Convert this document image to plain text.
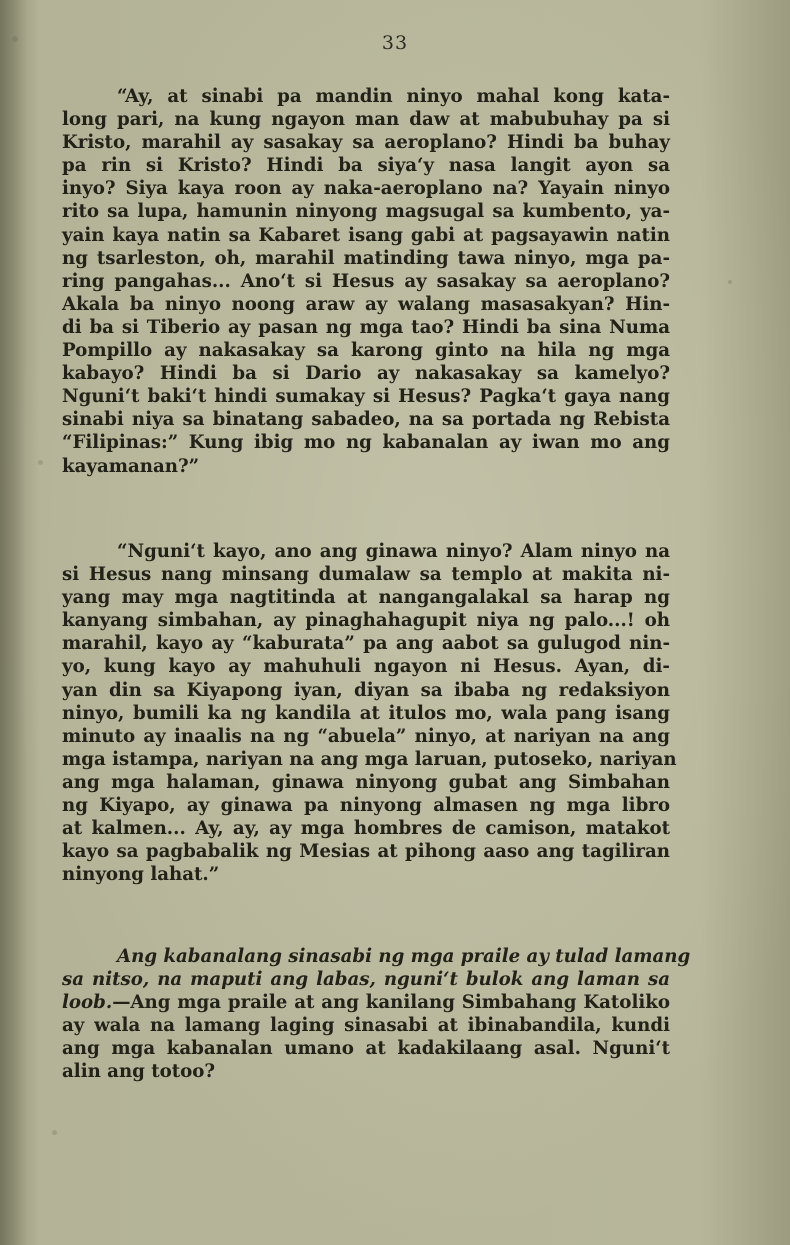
33
“Ay, at sinabi pa mandin ninyo mahal kong kata-
long pari, na kung ngayon man daw at mabubuhay pa si
Kristo, marahil ay sasakay sa aeroplano? Hindi ba buhay
pa rin si Kristo? Hindi ba siya‘y nasa langit ayon sa
inyo? Siya kaya roon ay naka-aeroplano na? Yayain ninyo
rito sa lupa, hamunin ninyong magsugal sa kumbento, ya-
yain kaya natin sa Kabaret isang gabi at pagsayawin natin
ng tsarleston, oh, marahil matinding tawa ninyo, mga pa-
ring pangahas... Ano‘t si Hesus ay sasakay sa aeroplano?
Akala ba ninyo noong araw ay walang masasakyan? Hin-
di ba si Tiberio ay pasan ng mga tao? Hindi ba sina Numa
Pompillo ay nakasakay sa karong ginto na hila ng mga
kabayo? Hindi ba si Dario ay nakasakay sa kamelyo?
Nguni‘t baki‘t hindi sumakay si Hesus? Pagka‘t gaya nang
sinabi niya sa binatang sabadeo, na sa portada ng Rebista
“Filipinas:” Kung ibig mo ng kabanalan ay iwan mo ang
kayamanan?”
“Nguni‘t kayo, ano ang ginawa ninyo? Alam ninyo na
si Hesus nang minsang dumalaw sa templo at makita ni-
yang may mga nagtitinda at nangangalakal sa harap ng
kanyang simbahan, ay pinaghahagupit niya ng palo...! oh
marahil, kayo ay “kaburata” pa ang aabot sa gulugod nin-
yo, kung kayo ay mahuhuli ngayon ni Hesus. Ayan, di-
yan din sa Kiyapong iyan, diyan sa ibaba ng redaksiyon
ninyo, bumili ka ng kandila at itulos mo, wala pang isang
minuto ay inaalis na ng “abuela” ninyo, at nariyan na ang
mga istampa, nariyan na ang mga laruan, putoseko, nariyan
ang mga halaman, ginawa ninyong gubat ang Simbahan
ng Kiyapo, ay ginawa pa ninyong almasen ng mga libro
at kalmen... Ay, ay, ay mga hombres de camison, matakot
kayo sa pagbabalik ng Mesias at pihong aaso ang tagiliran
ninyong lahat.”
Ang kabanalang sinasabi ng mga praile ay tulad lamang
sa nitso, na maputi ang labas, nguni‘t bulok ang laman sa
loob.—Ang mga praile at ang kanilang Simbahang Katoliko
ay wala na lamang laging sinasabi at ibinabandila, kundi
ang mga kabanalan umano at kadakilaang asal. Nguni‘t
alin ang totoo?
